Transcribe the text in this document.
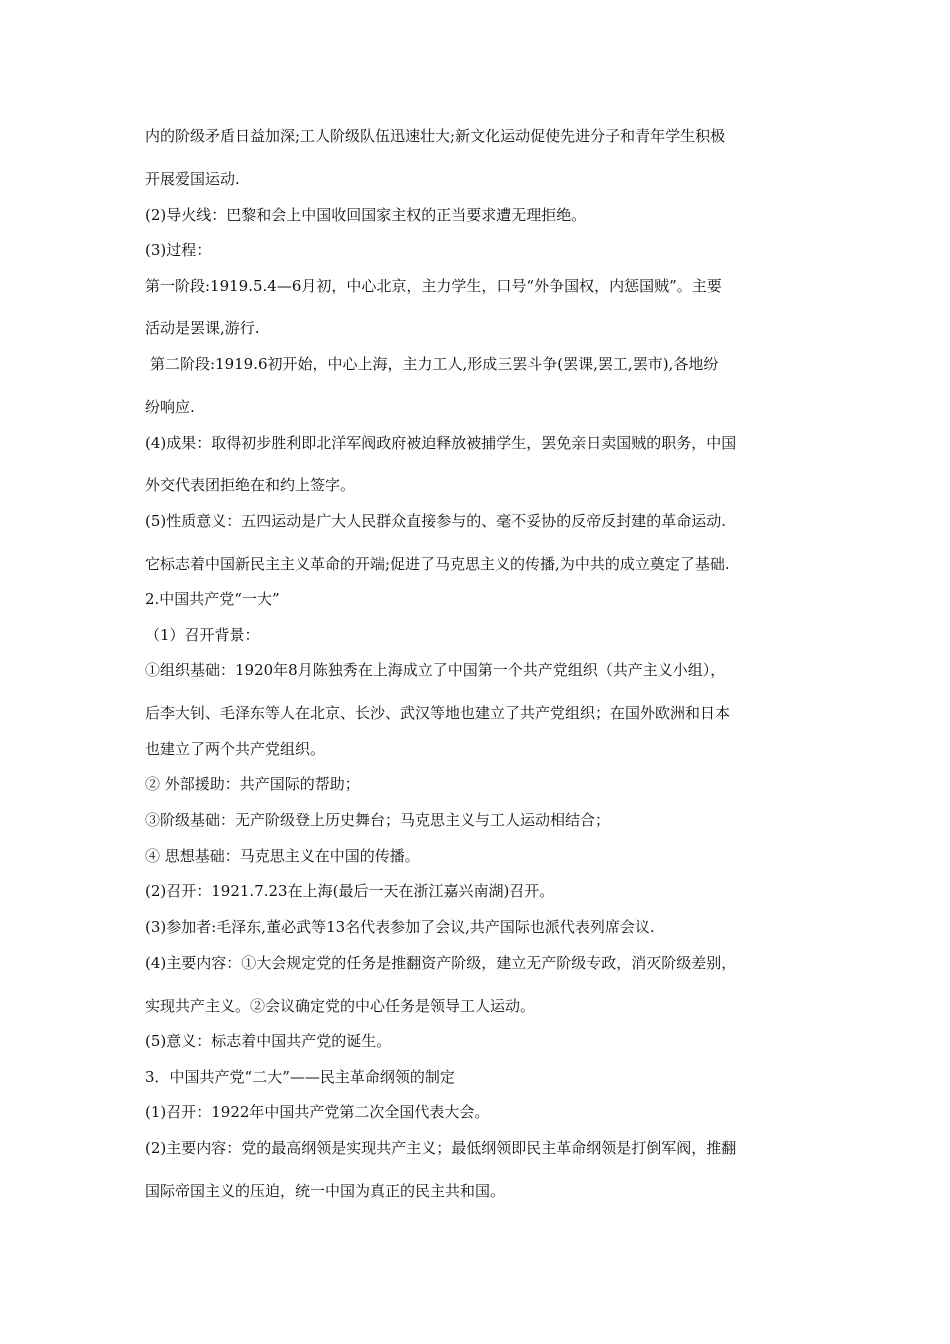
内的阶级矛盾日益加深;工人阶级队伍迅速壮大;新文化运动促使先进分子和青年学生积极
开展爱国运动.
(2)导火线：巴黎和会上中国收回国家主权的正当要求遭无理拒绝。
(3)过程：
第一阶段:1919.5.4—6月初，中心北京，主力学生，口号“外争国权，内惩国贼”。主要
活动是罢课,游行.
第二阶段:1919.6初开始，中心上海，主力工人,形成三罢斗争(罢课,罢工,罢市),各地纷
纷响应.
(4)成果：取得初步胜利即北洋军阀政府被迫释放被捕学生，罢免亲日卖国贼的职务，中国
外交代表团拒绝在和约上签字。
(5)性质意义：五四运动是广大人民群众直接参与的、毫不妥协的反帝反封建的革命运动.
它标志着中国新民主主义革命的开端;促进了马克思主义的传播,为中共的成立奠定了基础.
2.中国共产党“一大”
（1）召开背景：
①组织基础：1920年8月陈独秀在上海成立了中国第一个共产党组织（共产主义小组），
后李大钊、毛泽东等人在北京、长沙、武汉等地也建立了共产党组织；在国外欧洲和日本
也建立了两个共产党组织。
② 外部援助：共产国际的帮助；
③阶级基础：无产阶级登上历史舞台；马克思主义与工人运动相结合；
④ 思想基础：马克思主义在中国的传播。
(2)召开：1921.7.23在上海(最后一天在浙江嘉兴南湖)召开。
(3)参加者:毛泽东,董必武等13名代表参加了会议,共产国际也派代表列席会议.
(4)主要内容：①大会规定党的任务是推翻资产阶级，建立无产阶级专政，消灭阶级差别，
实现共产主义。②会议确定党的中心任务是领导工人运动。
(5)意义：标志着中国共产党的诞生。
3．中国共产党“二大”——民主革命纲领的制定
(1)召开：1922年中国共产党第二次全国代表大会。
(2)主要内容：党的最高纲领是实现共产主义；最低纲领即民主革命纲领是打倒军阀，推翻
国际帝国主义的压迫，统一中国为真正的民主共和国。
